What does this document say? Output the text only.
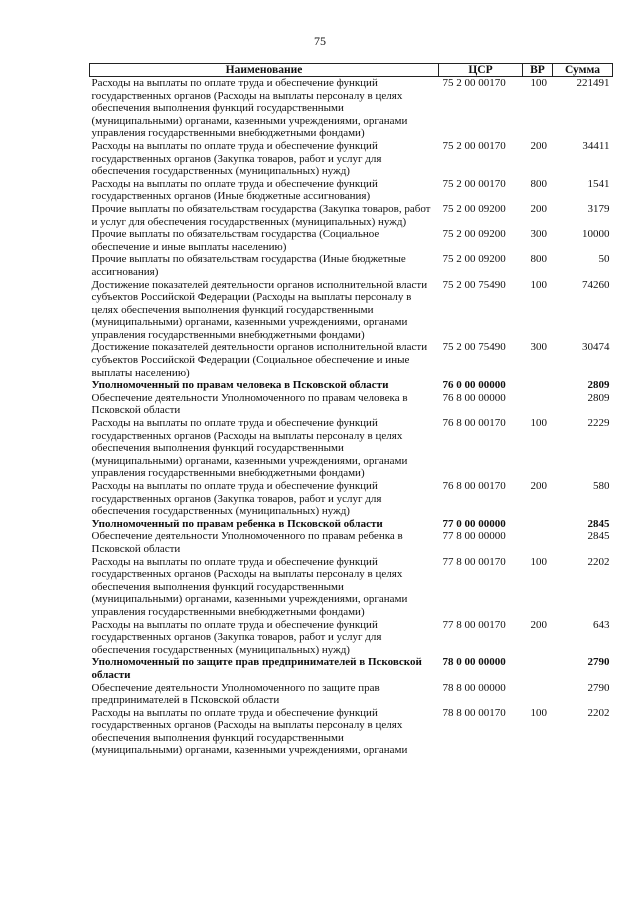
75
Наименование	ЦСР	ВР	Сумма
Расходы на выплаты по оплате труда и обеспечение функций государственных органов (Расходы на выплаты персоналу в целях обеспечения выполнения функций государственными (муниципальными) органами, казенными учреждениями, органами управления государственными внебюджетными фондами)	75 2 00 00170	100	221491
Расходы на выплаты по оплате труда и обеспечение функций государственных органов (Закупка товаров, работ и услуг для обеспечения государственных (муниципальных) нужд)	75 2 00 00170	200	34411
Расходы на выплаты по оплате труда и обеспечение функций государственных органов (Иные бюджетные ассигнования)	75 2 00 00170	800	1541
Прочие выплаты по обязательствам государства (Закупка товаров, работ и услуг для обеспечения государственных (муниципальных) нужд)	75 2 00 09200	200	3179
Прочие выплаты по обязательствам государства (Социальное обеспечение и иные выплаты населению)	75 2 00 09200	300	10000
Прочие выплаты по обязательствам государства (Иные бюджетные ассигнования)	75 2 00 09200	800	50
Достижение показателей деятельности органов исполнительной власти субъектов Российской Федерации (Расходы на выплаты персоналу в целях обеспечения выполнения функций государственными (муниципальными) органами, казенными учреждениями, органами управления государственными внебюджетными фондами)	75 2 00 75490	100	74260
Достижение показателей деятельности органов исполнительной власти субъектов Российской Федерации (Социальное обеспечение и иные выплаты населению)	75 2 00 75490	300	30474
Уполномоченный по правам человека в Псковской области	76 0 00 00000		2809
Обеспечение деятельности Уполномоченного по правам человека в Псковской области	76 8 00 00000		2809
Расходы на выплаты по оплате труда и обеспечение функций государственных органов (Расходы на выплаты персоналу в целях обеспечения выполнения функций государственными (муниципальными) органами, казенными учреждениями, органами управления государственными внебюджетными фондами)	76 8 00 00170	100	2229
Расходы на выплаты по оплате труда и обеспечение функций государственных органов (Закупка товаров, работ и услуг для обеспечения государственных (муниципальных) нужд)	76 8 00 00170	200	580
Уполномоченный по правам ребенка в Псковской области	77 0 00 00000		2845
Обеспечение деятельности Уполномоченного по правам ребенка в Псковской области	77 8 00 00000		2845
Расходы на выплаты по оплате труда и обеспечение функций государственных органов (Расходы на выплаты персоналу в целях обеспечения выполнения функций государственными (муниципальными) органами, казенными учреждениями, органами управления государственными внебюджетными фондами)	77 8 00 00170	100	2202
Расходы на выплаты по оплате труда и обеспечение функций государственных органов (Закупка товаров, работ и услуг для обеспечения государственных (муниципальных) нужд)	77 8 00 00170	200	643
Уполномоченный по защите прав предпринимателей в Псковской области	78 0 00 00000		2790
Обеспечение деятельности Уполномоченного по защите прав предпринимателей в Псковской области	78 8 00 00000		2790
Расходы на выплаты по оплате труда и обеспечение функций государственных органов (Расходы на выплаты персоналу в целях обеспечения выполнения функций государственными (муниципальными) органами, казенными учреждениями, органами	78 8 00 00170	100	2202
